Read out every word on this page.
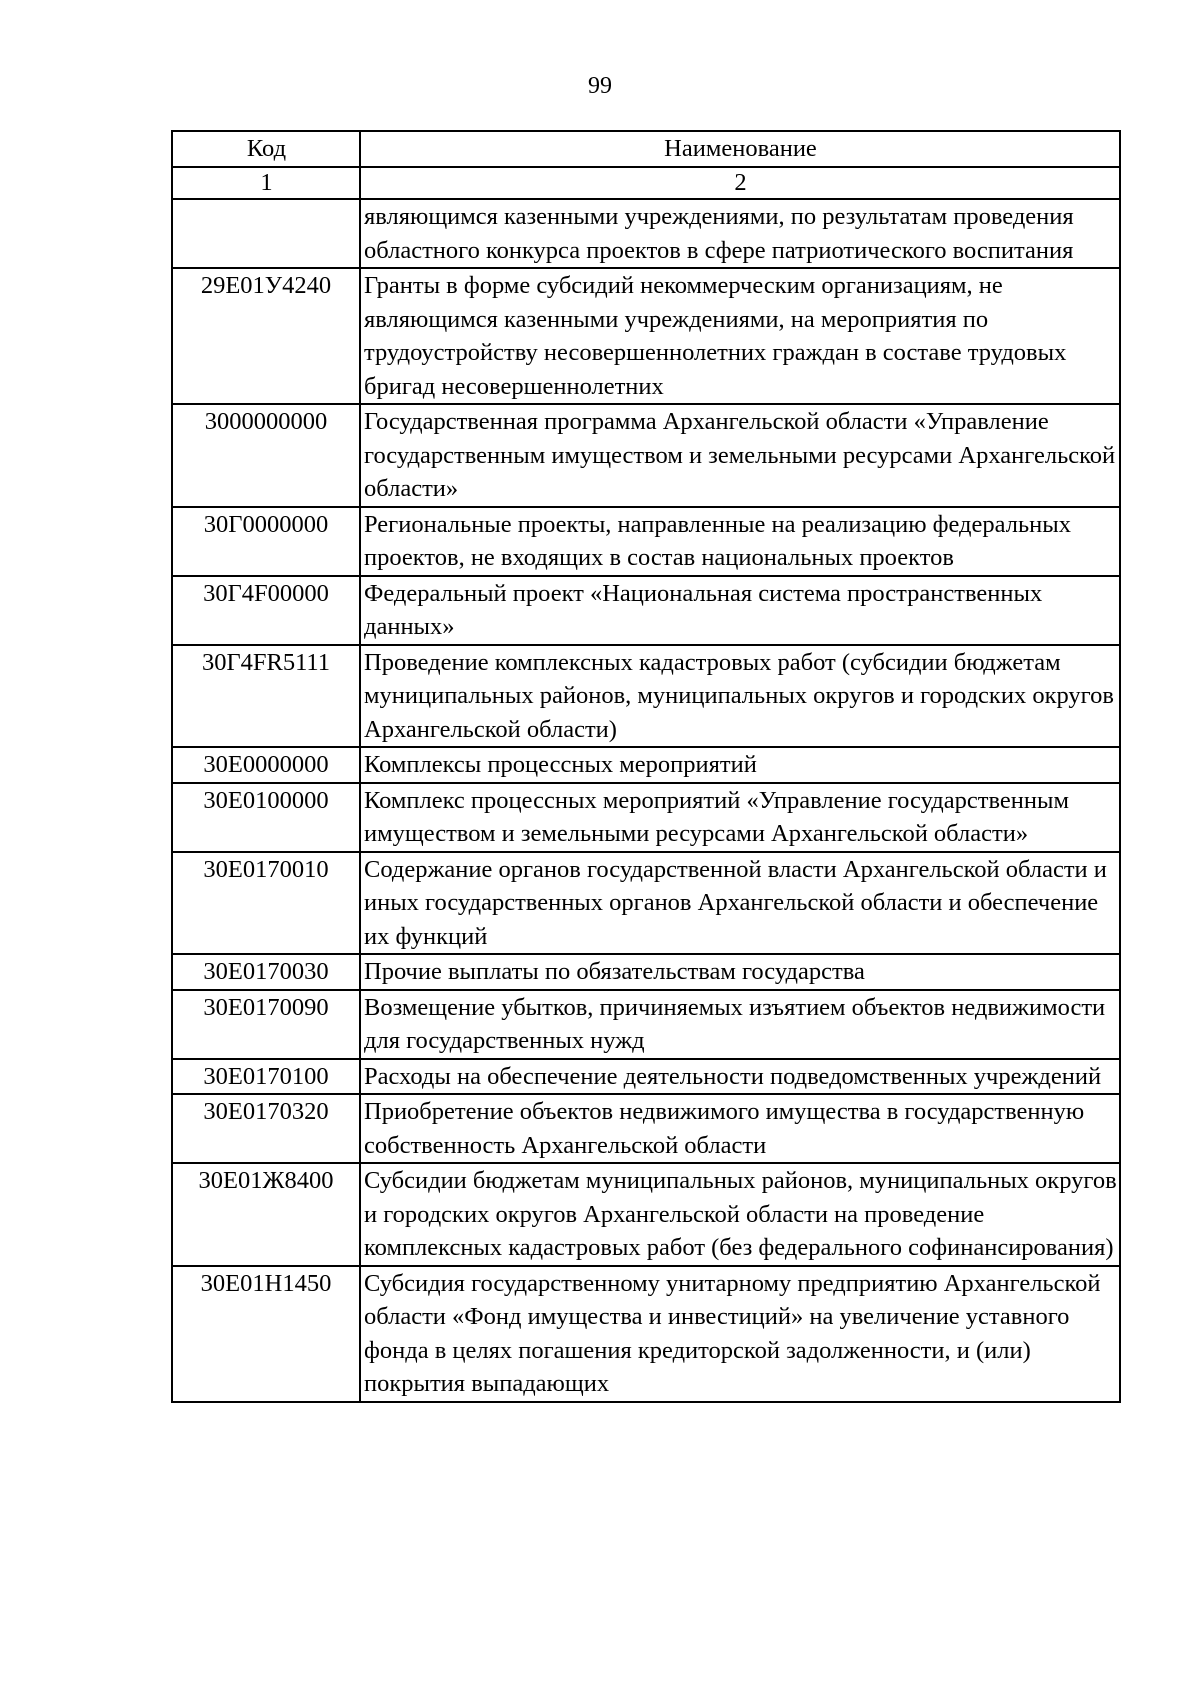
99
Код	Наименование
1	2
	являющимся казенными учреждениями, по результатам проведения областного конкурса проектов в сфере патриотического воспитания
29Е01У4240	Гранты в форме субсидий некоммерческим организациям, не являющимся казенными учреждениями, на мероприятия по трудоустройству несовершеннолетних граждан в составе трудовых бригад несовершеннолетних
3000000000	Государственная программа Архангельской области «Управление государственным имуществом и земельными ресурсами Архангельской области»
30Г0000000	Региональные проекты, направленные на реализацию федеральных проектов, не входящих в состав национальных проектов
30Г4F00000	Федеральный проект «Национальная система пространственных данных»
30Г4FR5111	Проведение комплексных кадастровых работ (субсидии бюджетам муниципальных районов, муниципальных округов и городских округов Архангельской области)
30Е0000000	Комплексы процессных мероприятий
30Е0100000	Комплекс процессных мероприятий «Управление государственным имуществом и земельными ресурсами Архангельской области»
30Е0170010	Содержание органов государственной власти Архангельской области и иных государственных органов Архангельской области и обеспечение их функций
30Е0170030	Прочие выплаты по обязательствам государства
30Е0170090	Возмещение убытков, причиняемых изъятием объектов недвижимости для государственных нужд
30Е0170100	Расходы на обеспечение деятельности подведомственных учреждений
30Е0170320	Приобретение объектов недвижимого имущества в государственную собственность Архангельской области
30Е01Ж8400	Субсидии бюджетам муниципальных районов, муниципальных округов и городских округов Архангельской области на проведение комплексных кадастровых работ (без федерального софинансирования)
30Е01Н1450	Субсидия государственному унитарному предприятию Архангельской области «Фонд имущества и инвестиций» на увеличение уставного фонда в целях погашения кредиторской задолженности, и (или) покрытия выпадающих
